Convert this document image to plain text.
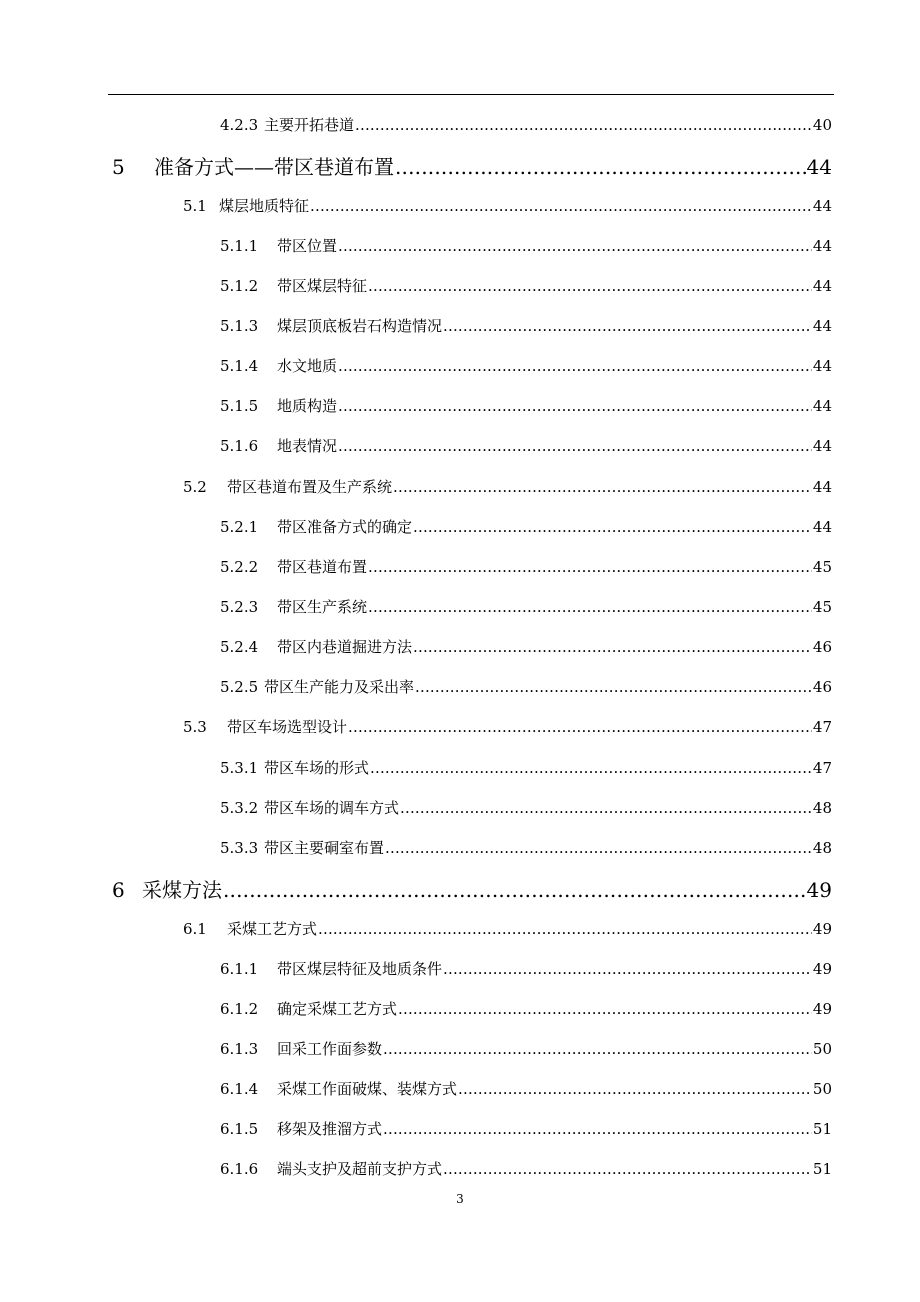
4.2.3 主要开拓巷道 .....	40
5	准备方式——带区巷道布置 .....	44
5.1 煤层地质特征 .....	44
5.1.1	带区位置 .....	44
5.1.2	带区煤层特征 .....	44
5.1.3	煤层顶底板岩石构造情况 .....	44
5.1.4	水文地质 .....	44
5.1.5	地质构造 .....	44
5.1.6	地表情况 .....	44
5.2	带区巷道布置及生产系统 .....	44
5.2.1	带区准备方式的确定 .....	44
5.2.2	带区巷道布置 .....	45
5.2.3	带区生产系统 .....	45
5.2.4	带区内巷道掘进方法 .....	46
5.2.5 带区生产能力及采出率 .....	46
5.3	带区车场选型设计 .....	47
5.3.1 带区车场的形式 .....	47
5.3.2 带区车场的调车方式 .....	48
5.3.3 带区主要硐室布置 .....	48
6 采煤方法 .....	49
6.1	采煤工艺方式 .....	49
6.1.1	带区煤层特征及地质条件 .....	49
6.1.2	确定采煤工艺方式 .....	49
6.1.3	回采工作面参数 .....	50
6.1.4	采煤工作面破煤、装煤方式 .....	50
6.1.5	移架及推溜方式 .....	51
6.1.6	端头支护及超前支护方式 .....	51
3
